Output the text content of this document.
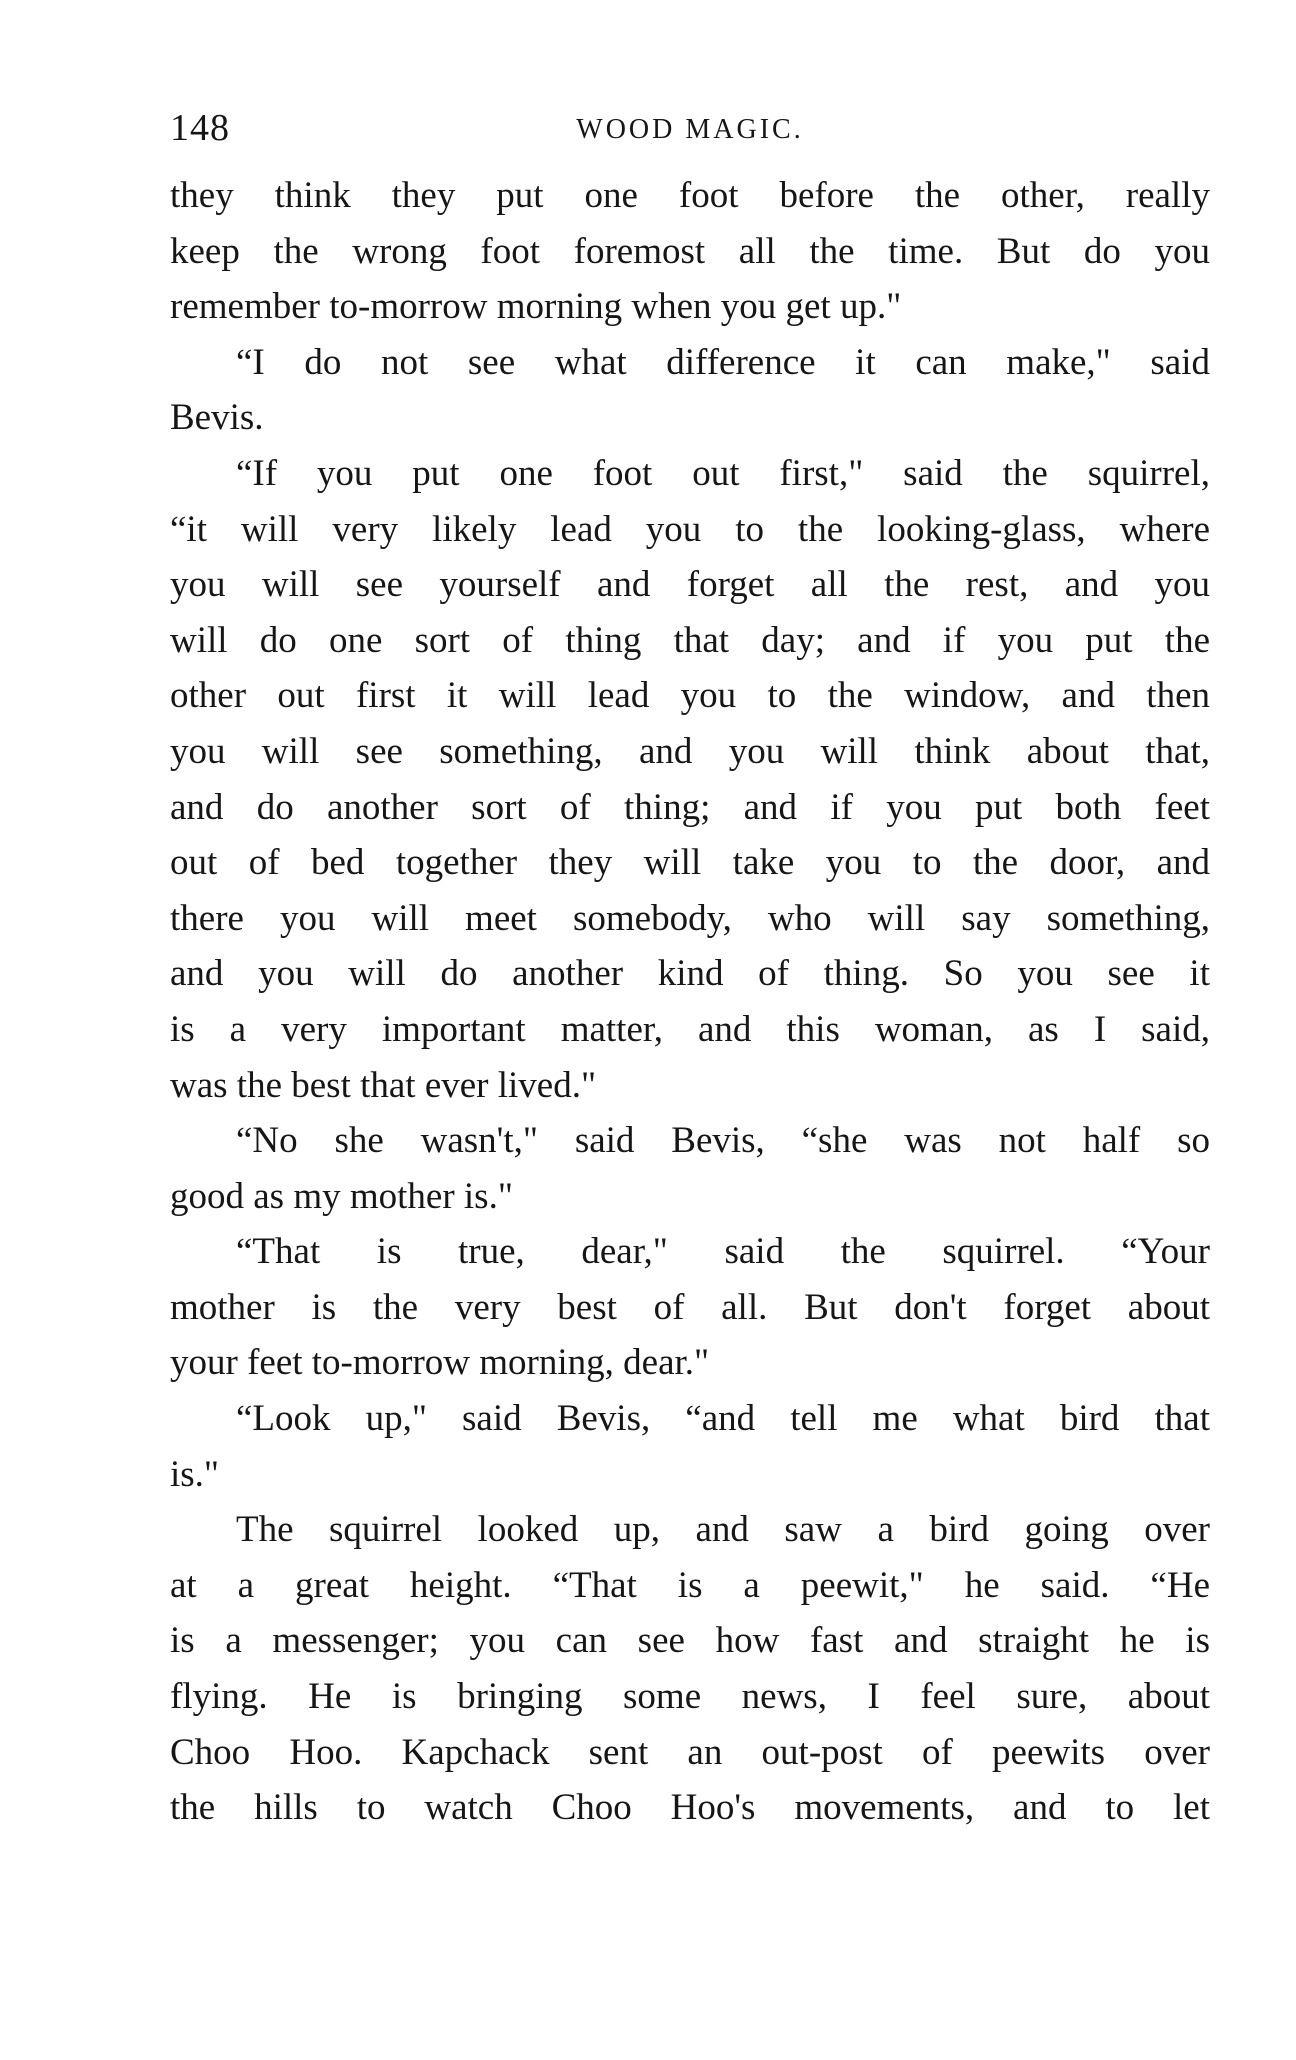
148	WOOD MAGIC.
they think they put one foot before the other, really
keep the wrong foot foremost all the time. But do you
remember to-morrow morning when you get up."
“I do not see what difference it can make," said
Bevis.
“If you put one foot out first," said the squirrel,
“it will very likely lead you to the looking-glass, where
you will see yourself and forget all the rest, and you
will do one sort of thing that day; and if you put the
other out first it will lead you to the window, and then
you will see something, and you will think about that,
and do another sort of thing; and if you put both feet
out of bed together they will take you to the door, and
there you will meet somebody, who will say something,
and you will do another kind of thing. So you see it
is a very important matter, and this woman, as I said,
was the best that ever lived."
“No she wasn't," said Bevis, “she was not half so
good as my mother is."
“That is true, dear," said the squirrel. “Your
mother is the very best of all. But don't forget about
your feet to-morrow morning, dear."
“Look up," said Bevis, “and tell me what bird that
is."
The squirrel looked up, and saw a bird going over
at a great height. “That is a peewit," he said. “He
is a messenger; you can see how fast and straight he is
flying. He is bringing some news, I feel sure, about
Choo Hoo. Kapchack sent an out-post of peewits over
the hills to watch Choo Hoo's movements, and to let
